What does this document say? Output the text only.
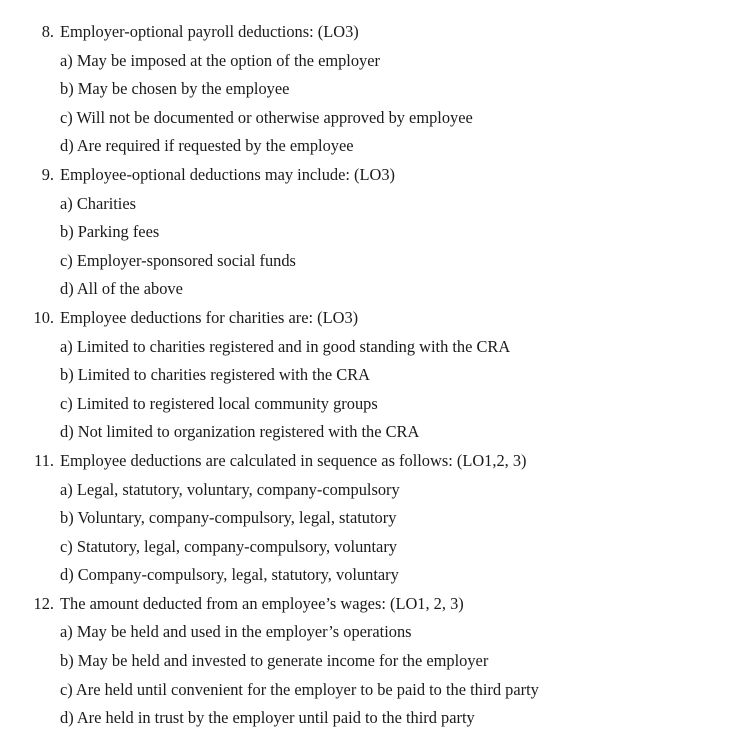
8. Employer-optional payroll deductions: (LO3)
a) May be imposed at the option of the employer
b) May be chosen by the employee
c) Will not be documented or otherwise approved by employee
d) Are required if requested by the employee
9. Employee-optional deductions may include: (LO3)
a) Charities
b) Parking fees
c) Employer-sponsored social funds
d) All of the above
10. Employee deductions for charities are: (LO3)
a) Limited to charities registered and in good standing with the CRA
b) Limited to charities registered with the CRA
c) Limited to registered local community groups
d) Not limited to organization registered with the CRA
11. Employee deductions are calculated in sequence as follows: (LO1,2, 3)
a) Legal, statutory, voluntary, company-compulsory
b) Voluntary, company-compulsory, legal, statutory
c) Statutory, legal, company-compulsory, voluntary
d) Company-compulsory, legal, statutory, voluntary
12. The amount deducted from an employee’s wages: (LO1, 2, 3)
a) May be held and used in the employer’s operations
b) May be held and invested to generate income for the employer
c) Are held until convenient for the employer to be paid to the third party
d) Are held in trust by the employer until paid to the third party
